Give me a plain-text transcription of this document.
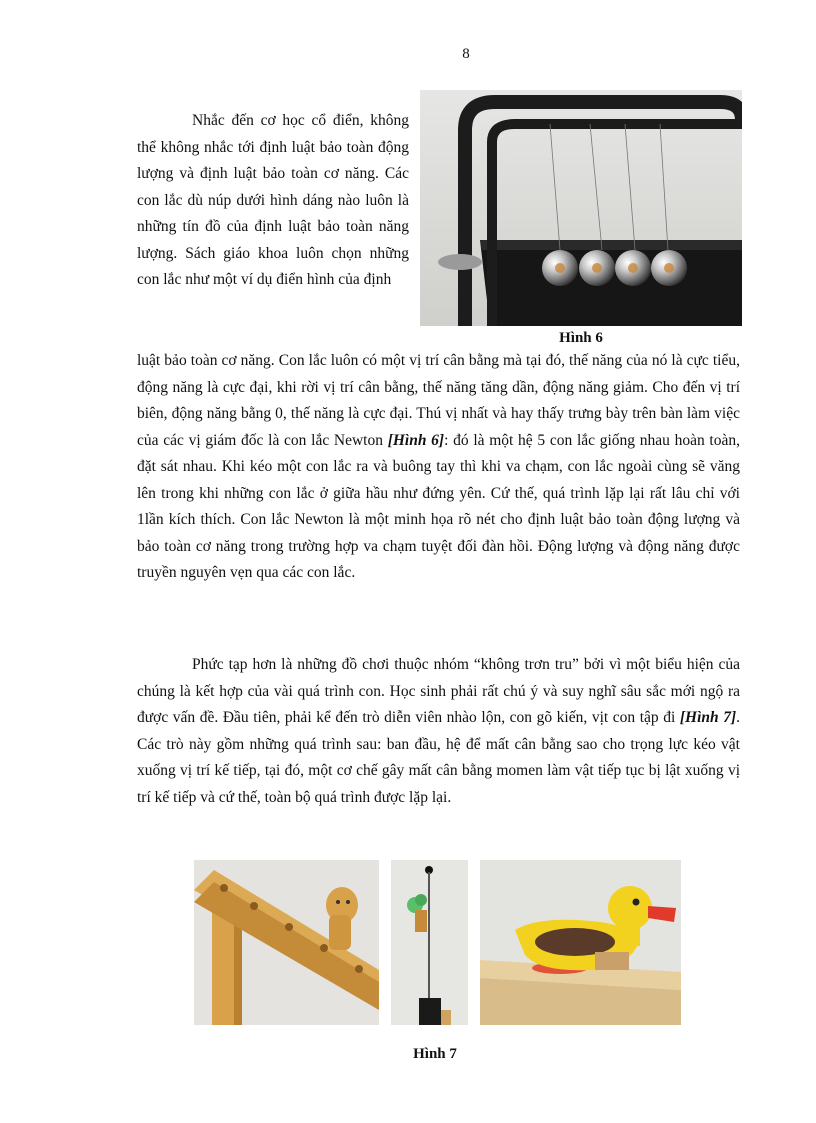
8

Nhắc đến cơ học cổ điển, không thể không nhắc tới định luật bảo toàn động lượng và định luật bảo toàn cơ năng. Các con lắc dù núp dưới hình dáng nào luôn là những tín đồ của định luật bảo toàn năng lượng. Sách giáo khoa luôn chọn những con lắc như một ví dụ điển hình của định

Hình 6

luật bảo toàn cơ năng. Con lắc luôn có một vị trí cân bằng mà tại đó, thế năng của nó là cực tiểu, động năng là cực đại, khi rời vị trí cân bằng, thế năng tăng dần, động năng giảm. Cho đến vị trí biên, động năng bằng 0, thế năng là cực đại. Thú vị nhất và hay thấy trưng bày trên bàn làm việc của các vị giám đốc là con lắc Newton [Hình 6]: đó là một hệ 5 con lắc giống nhau hoàn toàn, đặt sát nhau. Khi kéo một con lắc ra và buông tay thì khi va chạm, con lắc ngoài cùng sẽ văng lên trong khi những con lắc ở giữa hầu như đứng yên. Cứ thế, quá trình lặp lại rất lâu chỉ với 1lần kích thích. Con lắc Newton là một minh họa rõ nét cho định luật bảo toàn động lượng và bảo toàn cơ năng trong trường hợp va chạm tuyệt đối đàn hồi. Động lượng và động năng được truyền nguyên vẹn qua các con lắc.

Phức tạp hơn là những đồ chơi thuộc nhóm “không trơn tru” bởi vì một biểu hiện của chúng là kết hợp của vài quá trình con. Học sinh phải rất chú ý và suy nghĩ sâu sắc mới ngộ ra được vấn đề. Đầu tiên, phải kể đến trò diễn viên nhào lộn, con gõ kiến, vịt con tập đi [Hình 7]. Các trò này gồm những quá trình sau: ban đầu, hệ để mất cân bằng sao cho trọng lực kéo vật xuống vị trí kế tiếp, tại đó, một cơ chế gây mất cân bằng momen làm vật tiếp tục bị lật xuống vị trí kế tiếp và cứ thế, toàn bộ quá trình được lặp lại.

Hình 7
